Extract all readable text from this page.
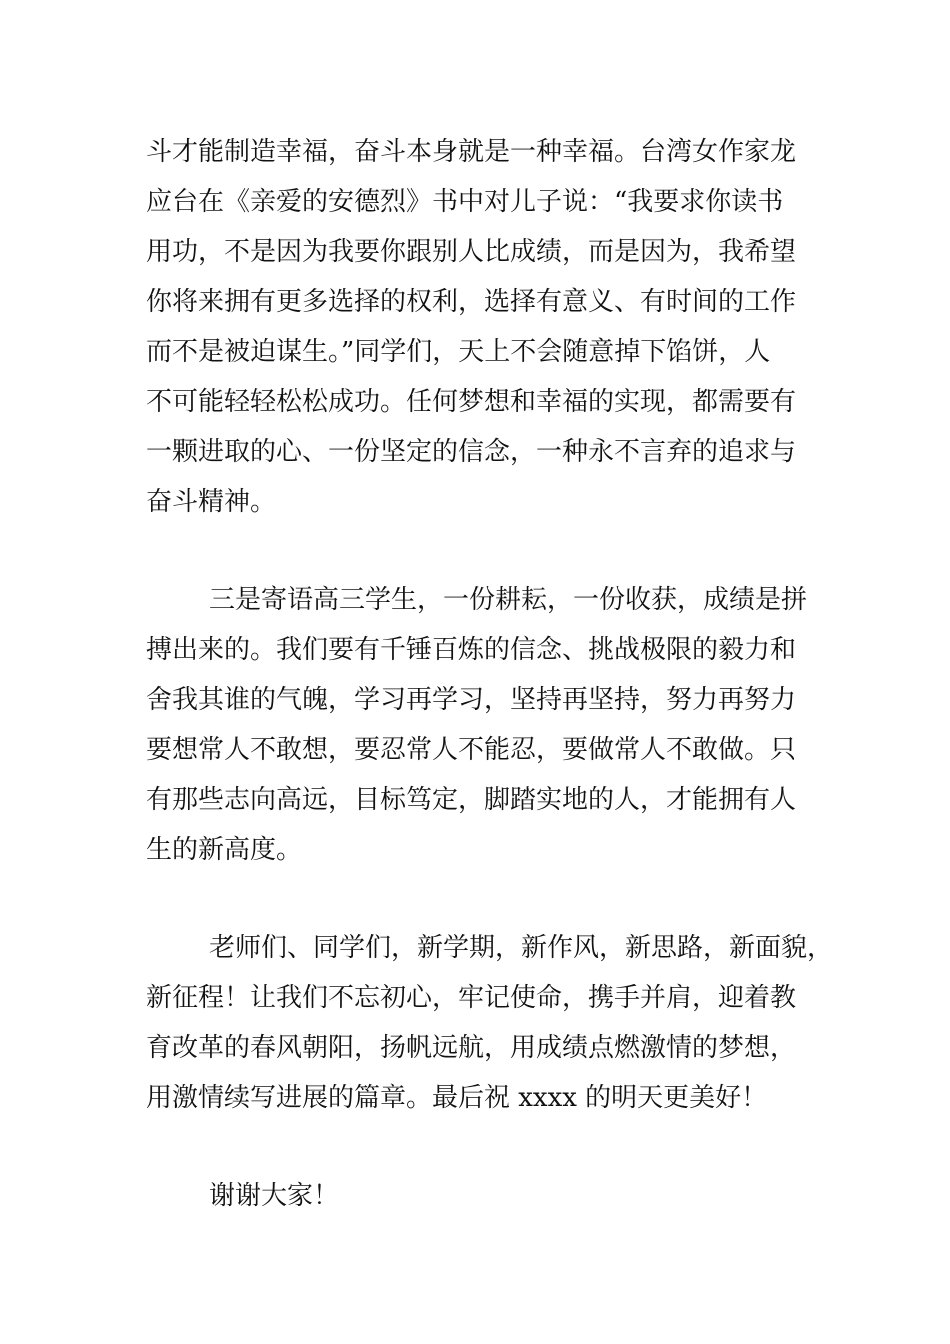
斗才能制造幸福，奋斗本身就是一种幸福。台湾女作家龙
应台在《亲爱的安德烈》书中对儿子说：“我要求你读书
用功，不是因为我要你跟别人比成绩，而是因为，我希望
你将来拥有更多选择的权利，选择有意义、有时间的工作
而不是被迫谋生。”同学们，天上不会随意掉下馅饼，人
不可能轻轻松松成功。任何梦想和幸福的实现，都需要有
一颗进取的心、一份坚定的信念，一种永不言弃的追求与
奋斗精神。
三是寄语高三学生，一份耕耘，一份收获，成绩是拼
搏出来的。我们要有千锤百炼的信念、挑战极限的毅力和
舍我其谁的气魄，学习再学习，坚持再坚持，努力再努力
要想常人不敢想，要忍常人不能忍，要做常人不敢做。只
有那些志向高远，目标笃定，脚踏实地的人，才能拥有人
生的新高度。
老师们、同学们，新学期，新作风，新思路，新面貌，
新征程！让我们不忘初心，牢记使命，携手并肩，迎着教
育改革的春风朝阳，扬帆远航，用成绩点燃激情的梦想，
用激情续写进展的篇章。最后祝 xxxx 的明天更美好！
谢谢大家！
